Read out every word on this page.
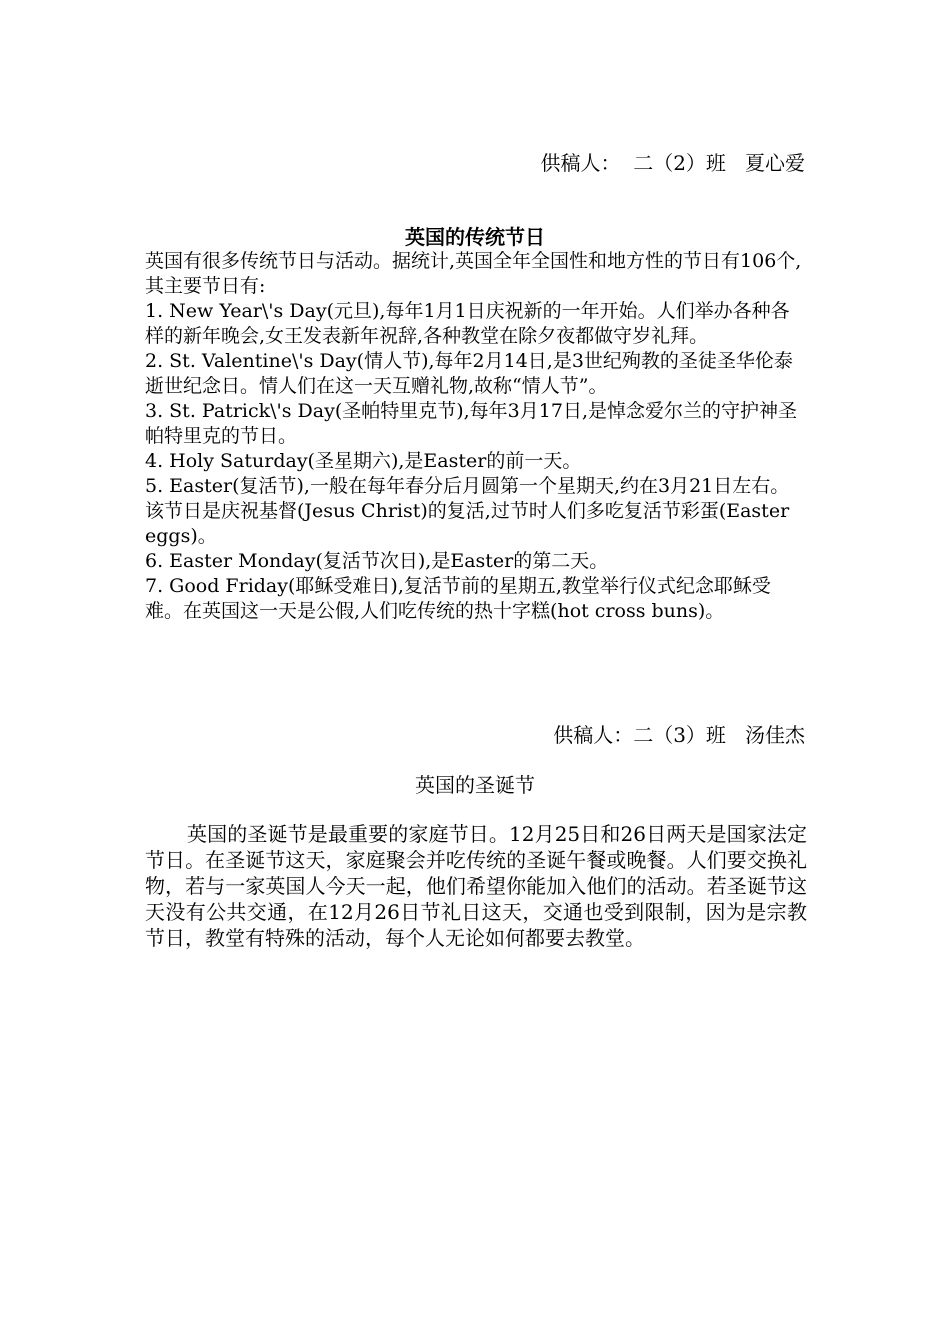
供稿人：  二（2）班   夏心爱
英国的传统节日

英国有很多传统节日与活动。据统计,英国全年全国性和地方性的节日有106个,其主要节日有:

1. New Year\'s Day(元旦),每年1月1日庆祝新的一年开始。人们举办各种各样的新年晚会,女王发表新年祝辞,各种教堂在除夕夜都做守岁礼拜。

2. St. Valentine\'s Day(情人节),每年2月14日,是3世纪殉教的圣徒圣华伦泰逝世纪念日。情人们在这一天互赠礼物,故称“情人节”。

3. St. Patrick\'s Day(圣帕特里克节),每年3月17日,是悼念爱尔兰的守护神圣帕特里克的节日。

4. Holy Saturday(圣星期六),是Easter的前一天。

5. Easter(复活节),一般在每年春分后月圆第一个星期天,约在3月21日左右。该节日是庆祝基督(Jesus Christ)的复活,过节时人们多吃复活节彩蛋(Easter eggs)。

6. Easter Monday(复活节次日),是Easter的第二天。

7. Good Friday(耶稣受难日),复活节前的星期五,教堂举行仪式纪念耶稣受难。在英国这一天是公假,人们吃传统的热十字糕(hot cross buns)。

供稿人：二（3）班   汤佳杰
英国的圣诞节

英国的圣诞节是最重要的家庭节日。12月25日和26日两天是国家法定节日。在圣诞节这天，家庭聚会并吃传统的圣诞午餐或晚餐。人们要交换礼物，若与一家英国人今天一起，他们希望你能加入他们的活动。若圣诞节这天没有公共交通，在12月26日节礼日这天，交通也受到限制，因为是宗教节日，教堂有特殊的活动，每个人无论如何都要去教堂。
